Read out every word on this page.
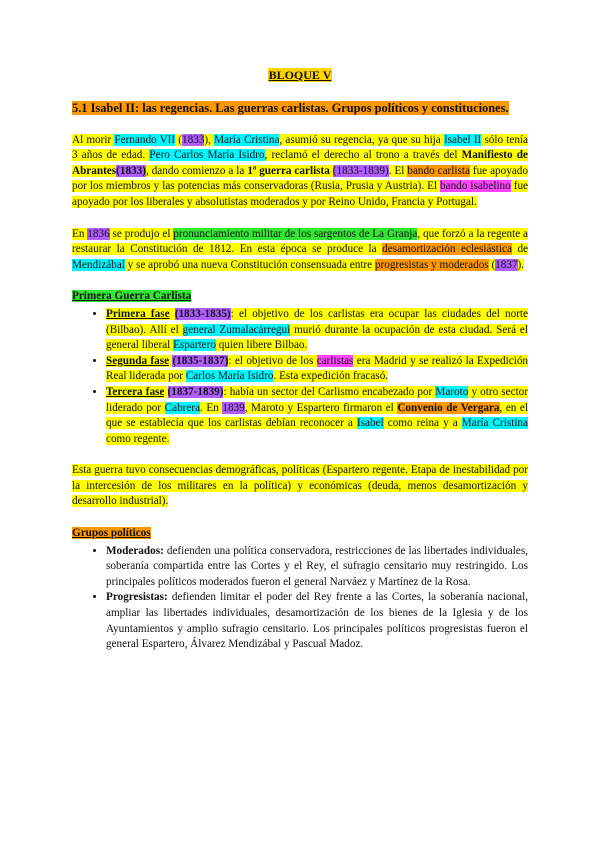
BLOQUE V
5.1 Isabel II: las regencias. Las guerras carlistas. Grupos políticos y constituciones.

Al morir Fernando VII (1833), María Cristina, asumió su regencia, ya que su hija Isabel II sólo tenía 3 años de edad. Pero Carlos María Isidro, reclamó el derecho al trono a través del Manifiesto de Abrantes(1833), dando comienzo a la 1ª guerra carlista (1833-1839). El bando carlista fue apoyado por los miembros y las potencias más conservadoras (Rusia, Prusia y Austria). El bando isabelino fue apoyado por los liberales y absolutistas moderados y por Reino Unido, Francia y Portugal.

En 1836 se produjo el pronunciamiento militar de los sargentos de La Granja, que forzó a la regente a restaurar la Constitución de 1812. En esta época se produce la desamortización eclesiástica de Mendizábal y se aprobó una nueva Constitución consensuada entre progresistas y moderados (1837).

Primera Guerra Carlista
• Primera fase (1833-1835): el objetivo de los carlistas era ocupar las ciudades del norte (Bilbao). Allí el general Zumalacárregui murió durante la ocupación de esta ciudad. Será el general liberal Espartero quien libere Bilbao.
• Segunda fase (1835-1837): el objetivo de los carlistas era Madrid y se realizó la Expedición Real liderada por Carlos María Isidro. Esta expedición fracasó.
• Tercera fase (1837-1839): había un sector del Carlismo encabezado por Maroto y otro sector liderado por Cabrera. En 1839, Maroto y Espartero firmaron el Convenio de Vergara, en el que se establecía que los carlistas debían reconocer a Isabel como reina y a María Cristina como regente.

Esta guerra tuvo consecuencias demográficas, políticas (Espartero regente. Etapa de inestabilidad por la intercesión de los militares en la política) y económicas (deuda, menos desamortización y desarrollo industrial).

Grupos políticos
• Moderados: defienden una política conservadora, restricciones de las libertades individuales, soberanía compartida entre las Cortes y el Rey, el sufragio censitario muy restringido. Los principales políticos moderados fueron el general Narváez y Martínez de la Rosa.
• Progresistas: defienden limitar el poder del Rey frente a las Cortes, la soberanía nacional, ampliar las libertades individuales, desamortización de los bienes de la Iglesia y de los Ayuntamientos y amplio sufragio censitario. Los principales políticos progresistas fueron el general Espartero, Álvarez Mendizábal y Pascual Madoz.
